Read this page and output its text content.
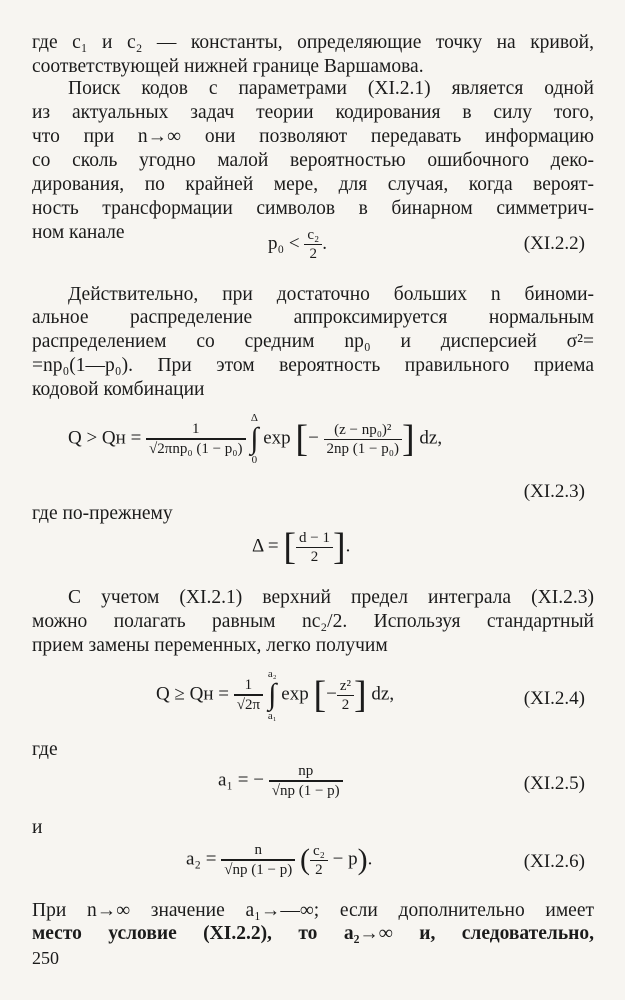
где c₁ и c₂ — константы, определяющие точку на кривой,
соответствующей нижней границе Варшамова.
Поиск кодов с параметрами (XI.2.1) является одной
из актуальных задач теории кодирования в силу того,
что при n→∞ они позволяют передавать информацию
со сколь угодно малой вероятностью ошибочного деко-
дирования, по крайней мере, для случая, когда вероят-
ность трансформации символов в бинарном симметрич-
ном канале
$p_0 < \frac{\text{c₂}}{2}$ .	(XI.2.2)
Действительно, при достаточно больших n биноми-
альное распределение аппроксимируется нормальным
распределением со средним np₀ и дисперсией σ²=
=np₀(1—p₀). При этом вероятность правильного приема
кодовой комбинации
Q > Qн = $\frac{1}{\text{√2πnp₀ (1 − p₀)}}$

Δ
∫
0
exp [− $\frac{\text{(z − np₀)²}}{\text{2np (1 − p₀)}}$ ] dz,
(XI.2.3)
где по-прежнему
Δ = [ $\frac{d - 1}{2}$ ].
С учетом (XI.2.1) верхний предел интеграла (XI.2.3)
можно полагать равным nc₂/2. Используя стандартный
прием замены переменных, легко получим
Q ≥ Qн = $\frac{1}{√2\pi}$

a₂
∫
a₁
exp [− $\frac{\text{z²}}{2}$ ] dz,	(XI.2.4)
где
a₁ = − $\frac{np}{√np (1 - p)}$	(XI.2.5)
и
$a_2 = \frac{n}{√np (1 - p)}$ ( $\frac{\text{c₂}}{2} - p$).	(XI.2.6)
При n→∞ значение a₁→—∞; если дополнительно имеет
место условие (XI.2.2), то a₂→∞ и, следовательно,
250
